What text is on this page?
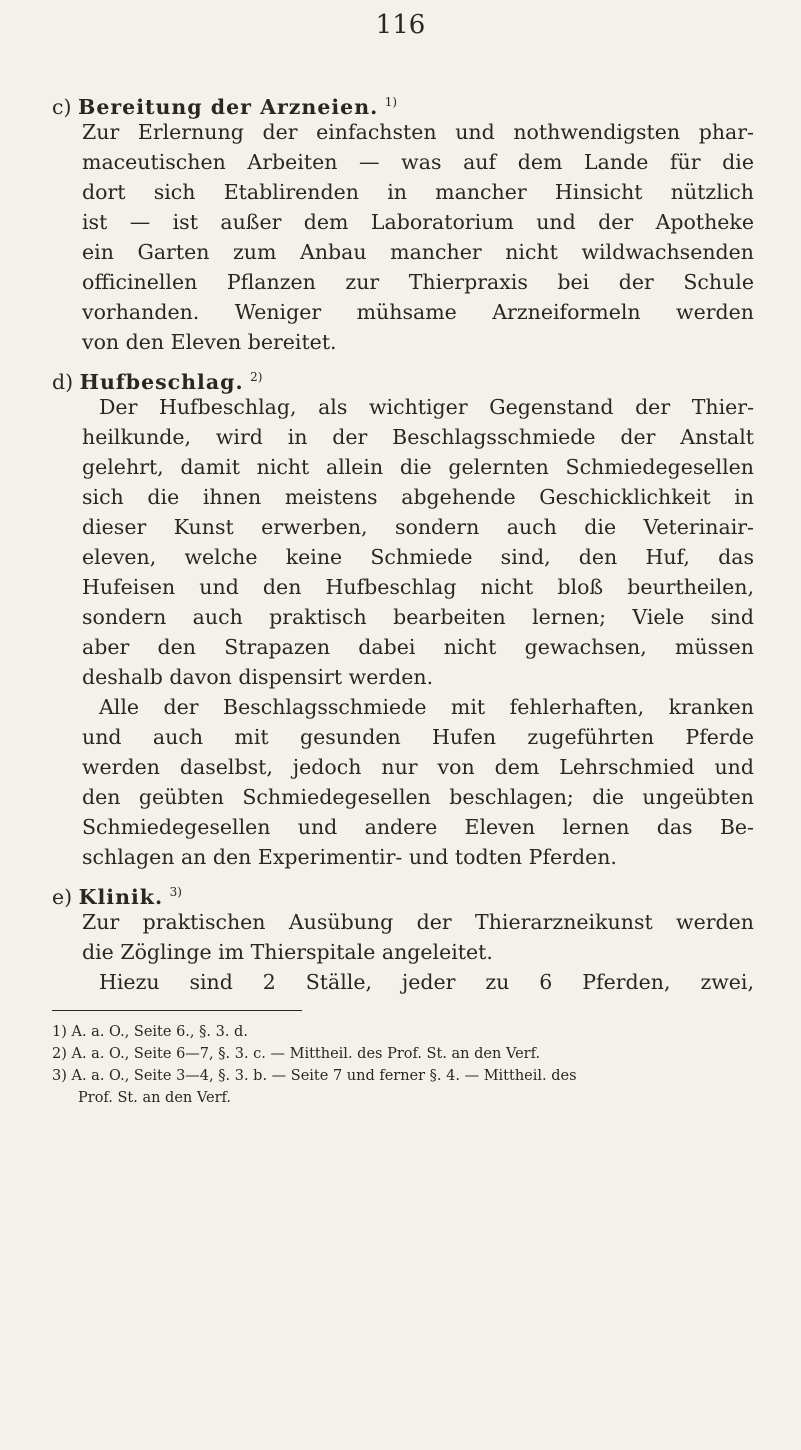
116
c) Bereitung der Arzneien. $^{1)}$
Zur Erlernung der einfachsten und nothwendigsten phar-
maceutischen Arbeiten — was auf dem Lande für die
dort sich Etablirenden in mancher Hinsicht nützlich
ist — ist außer dem Laboratorium und der Apotheke
ein Garten zum Anbau mancher nicht wildwachsenden
officinellen Pflanzen zur Thierpraxis bei der Schule
vorhanden. Weniger mühsame Arzneiformeln werden
von den Eleven bereitet.
d) Hufbeschlag. $^{2)}$
Der Hufbeschlag, als wichtiger Gegenstand der Thier-
heilkunde, wird in der Beschlagsschmiede der Anstalt
gelehrt, damit nicht allein die gelernten Schmiedegesellen
sich die ihnen meistens abgehende Geschicklichkeit in
dieser Kunst erwerben, sondern auch die Veterinair-
eleven, welche keine Schmiede sind, den Huf, das
Hufeisen und den Hufbeschlag nicht bloß beurtheilen,
sondern auch praktisch bearbeiten lernen; Viele sind
aber den Strapazen dabei nicht gewachsen, müssen
deshalb davon dispensirt werden.
Alle der Beschlagsschmiede mit fehlerhaften, kranken
und auch mit gesunden Hufen zugeführten Pferde
werden daselbst, jedoch nur von dem Lehrschmied und
den geübten Schmiedegesellen beschlagen; die ungeübten
Schmiedegesellen und andere Eleven lernen das Be-
schlagen an den Experimentir- und todten Pferden.
e) Klinik. $^{3)}$
Zur praktischen Ausübung der Thierarzneikunst werden
die Zöglinge im Thierspitale angeleitet.
Hiezu sind 2 Ställe, jeder zu 6 Pferden, zwei,
1) A. a. O., Seite 6., §. 3. d.
2) A. a. O., Seite 6—7, §. 3. c. — Mittheil. des Prof. St. an den Verf.
3) A. a. O., Seite 3—4, §. 3. b. — Seite 7 und ferner §. 4. — Mittheil. des
Prof. St. an den Verf.
